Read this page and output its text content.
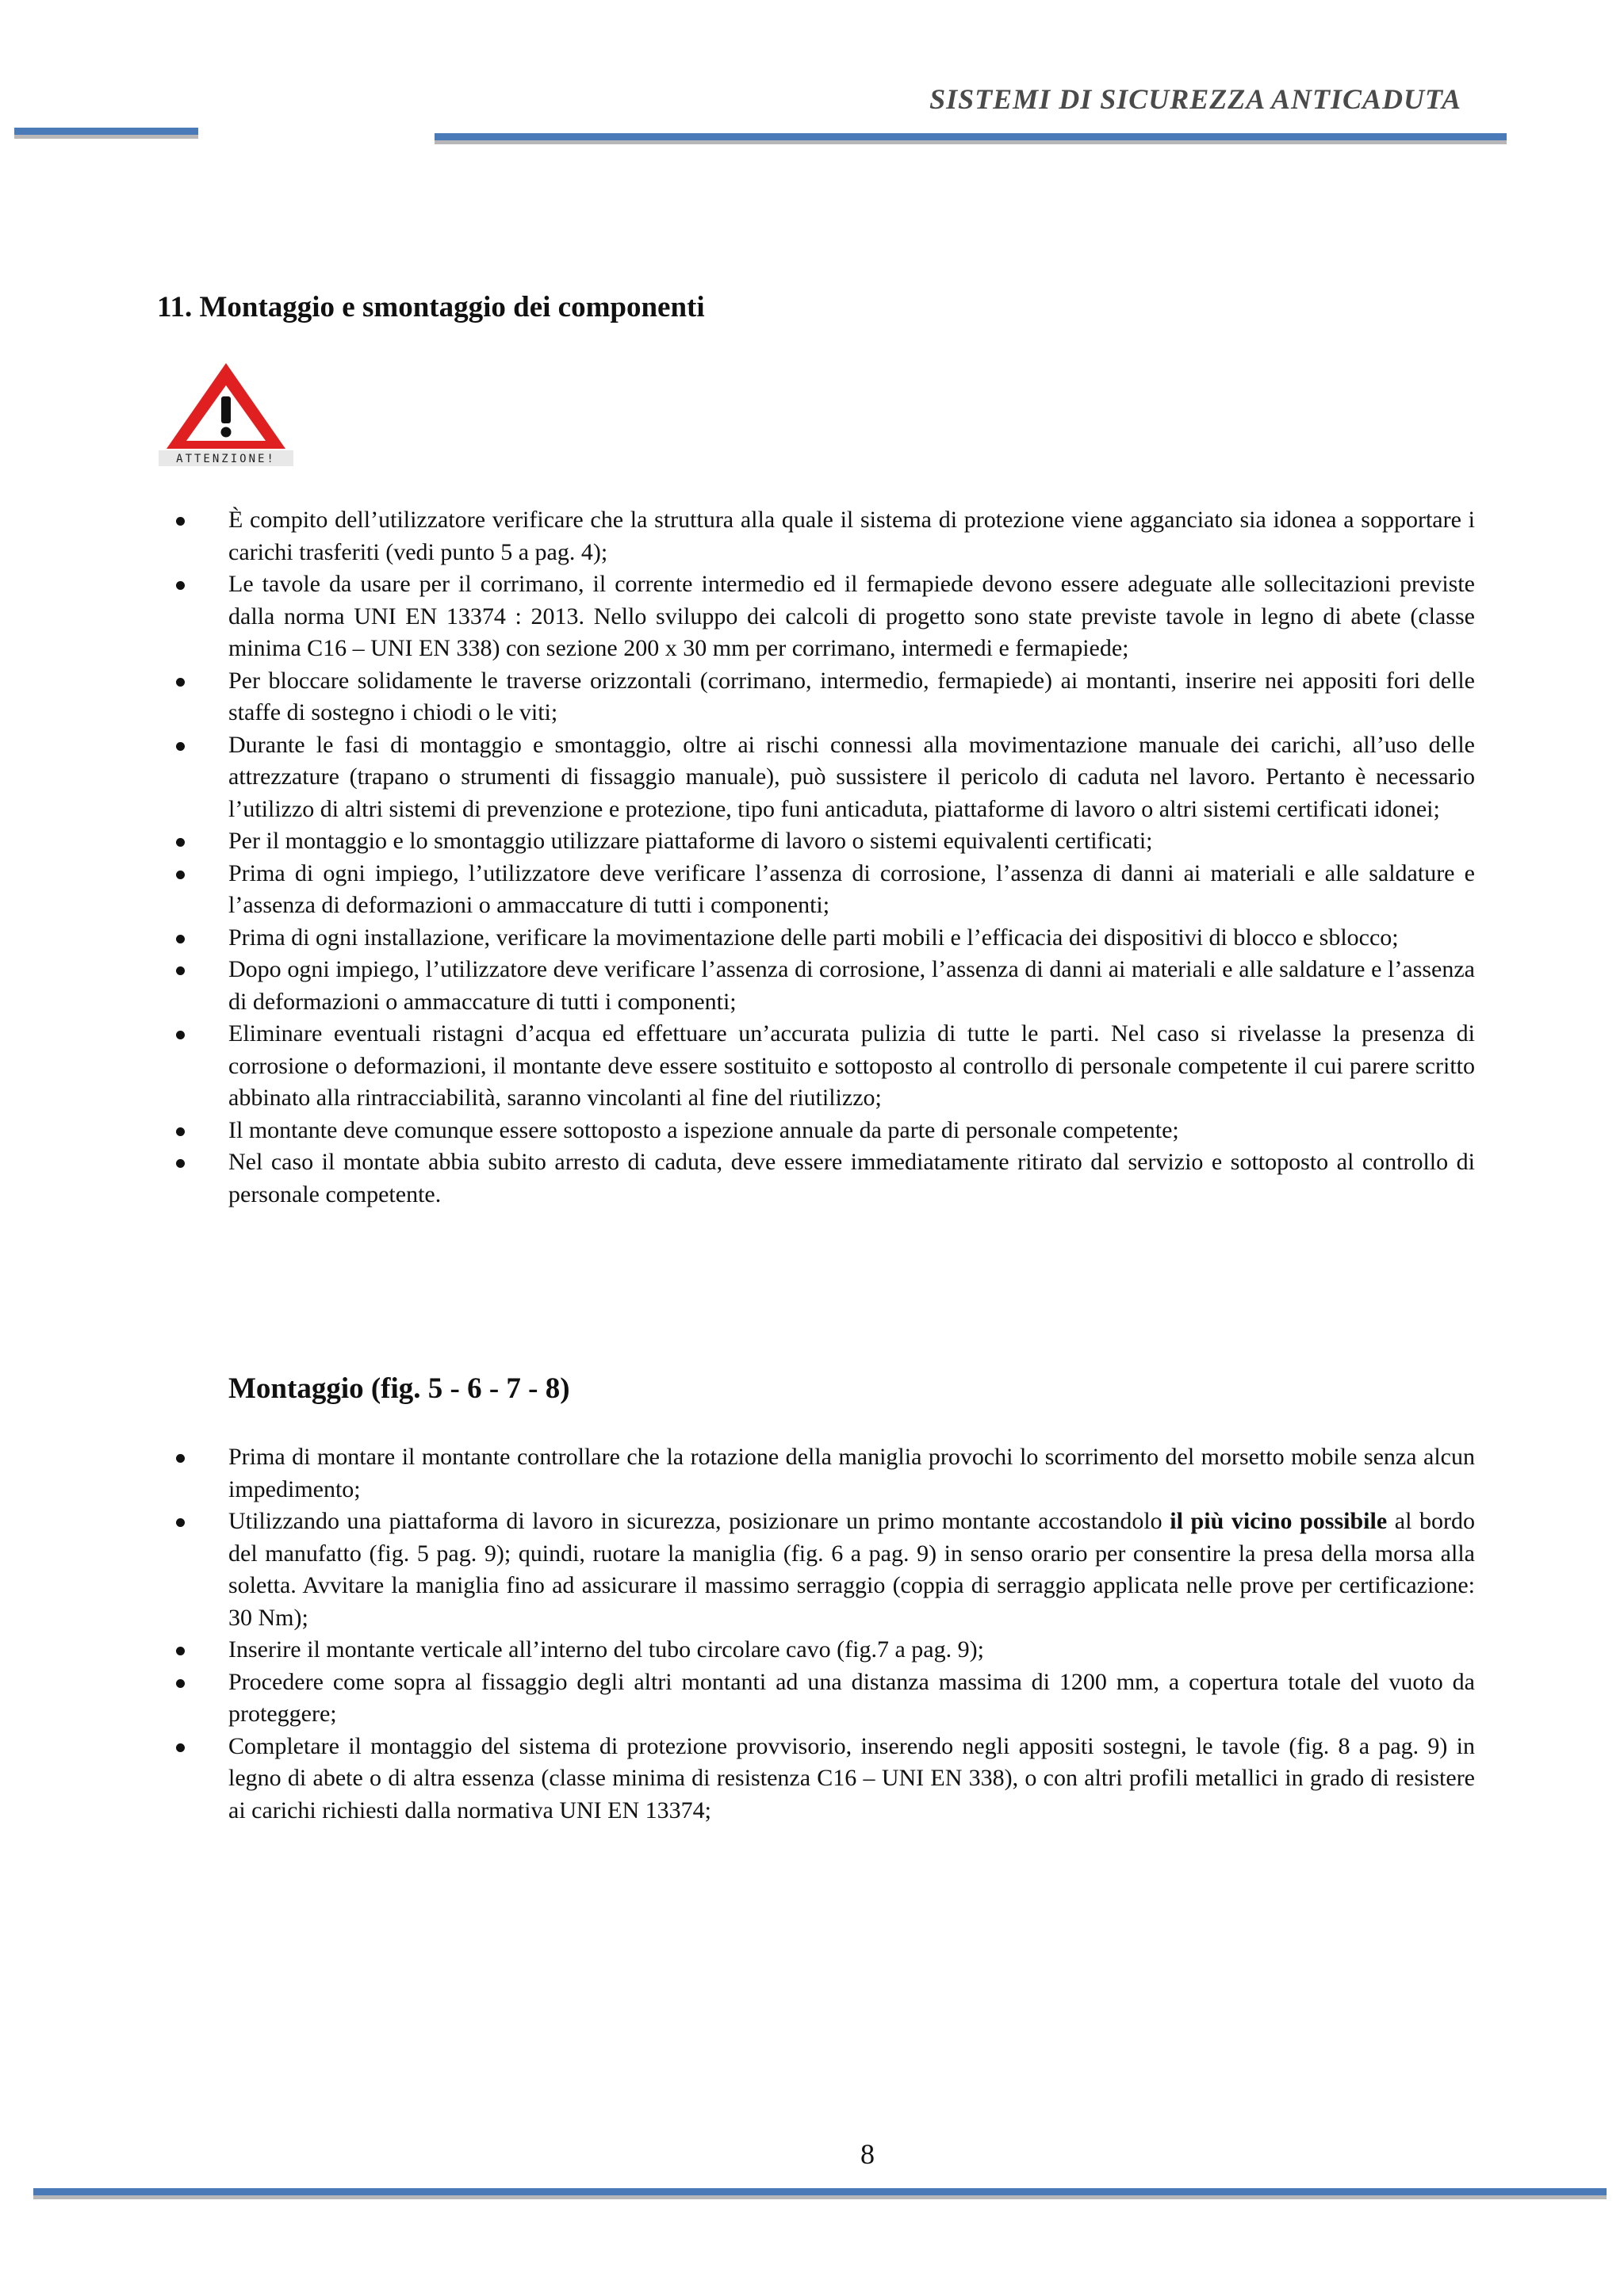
SISTEMI DI SICUREZZA ANTICADUTA
11. Montaggio e smontaggio dei componenti
ATTENZIONE!
È compito dell’utilizzatore verificare che la struttura alla quale il sistema di protezione viene agganciato sia idonea a sopportare i carichi trasferiti (vedi punto 5 a pag. 4);
Le tavole da usare per il corrimano, il corrente intermedio ed il fermapiede devono essere adeguate alle sollecitazioni previste dalla norma UNI EN 13374 : 2013. Nello sviluppo dei calcoli di progetto sono state previste tavole in legno di abete (classe minima C16 – UNI EN 338) con sezione 200 x 30 mm per corrimano, intermedi e fermapiede;
Per bloccare solidamente le traverse orizzontali (corrimano, intermedio, fermapiede) ai montanti, inserire nei appositi fori delle staffe di sostegno i chiodi o le viti;
Durante le fasi di montaggio e smontaggio, oltre ai rischi connessi alla movimentazione manuale dei carichi, all’uso delle attrezzature (trapano o strumenti di fissaggio manuale), può sussistere il pericolo di caduta nel lavoro. Pertanto è necessario l’utilizzo di altri sistemi di prevenzione e protezione, tipo funi anticaduta, piattaforme di lavoro o altri sistemi certificati idonei;
Per il montaggio e lo smontaggio utilizzare piattaforme di lavoro o sistemi equivalenti certificati;
Prima di ogni impiego, l’utilizzatore deve verificare l’assenza di corrosione, l’assenza di danni ai materiali e alle saldature e l’assenza di deformazioni o ammaccature di tutti i componenti;
Prima di ogni installazione, verificare la movimentazione delle parti mobili e l’efficacia dei dispositivi di blocco e sblocco;
Dopo ogni impiego, l’utilizzatore deve verificare l’assenza di corrosione, l’assenza di danni ai materiali e alle saldature e l’assenza di deformazioni o ammaccature di tutti i componenti;
Eliminare eventuali ristagni d’acqua ed effettuare un’accurata pulizia di tutte le parti. Nel caso si rivelasse la presenza di corrosione o deformazioni, il montante deve essere sostituito e sottoposto al controllo di personale competente il cui parere scritto abbinato alla rintracciabilità, saranno vincolanti al fine del riutilizzo;
Il montante deve comunque essere sottoposto a ispezione annuale da parte di personale competente;
Nel caso il montate abbia subito arresto di caduta, deve essere immediatamente ritirato dal servizio e sottoposto al controllo di personale competente.
Montaggio (fig. 5 - 6 - 7 - 8)
Prima di montare il montante controllare che la rotazione della maniglia provochi lo scorrimento del morsetto mobile senza alcun impedimento;
Utilizzando una piattaforma di lavoro in sicurezza, posizionare un primo montante accostandolo il più vicino possibile al bordo del manufatto (fig. 5 pag. 9); quindi, ruotare la maniglia (fig. 6 a pag. 9) in senso orario per consentire la presa della morsa alla soletta. Avvitare la maniglia fino ad assicurare il massimo serraggio (coppia di serraggio applicata nelle prove per certificazione: 30 Nm);
Inserire il montante verticale all’interno del tubo circolare cavo (fig.7 a pag. 9);
Procedere come sopra al fissaggio degli altri montanti ad una distanza massima di 1200 mm, a copertura totale del vuoto da proteggere;
Completare il montaggio del sistema di protezione provvisorio, inserendo negli appositi sostegni, le tavole (fig. 8 a pag. 9) in legno di abete o di altra essenza (classe minima di resistenza C16 – UNI EN 338), o con altri profili metallici in grado di resistere ai carichi richiesti dalla normativa UNI EN 13374;
8
